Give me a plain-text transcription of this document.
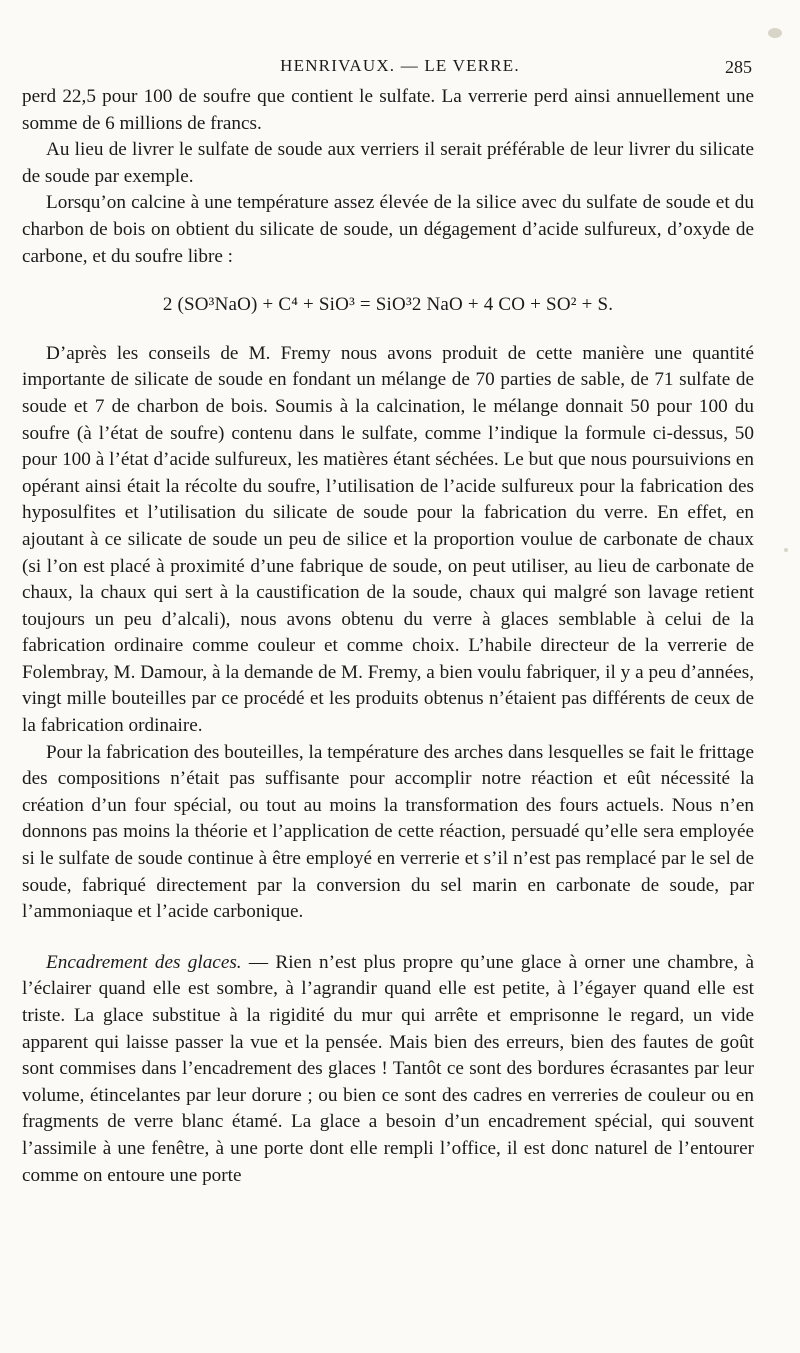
HENRIVAUX. — LE VERRE.	285

perd 22,5 pour 100 de soufre que contient le sulfate. La verrerie perd ainsi annuellement une somme de 6 millions de francs.

Au lieu de livrer le sulfate de soude aux verriers il serait préférable de leur livrer du silicate de soude par exemple.

Lorsqu’on calcine à une température assez élevée de la silice avec du sulfate de soude et du charbon de bois on obtient du silicate de soude, un dégagement d’acide sulfureux, d’oxyde de carbone, et du soufre libre :

2 (SO³NaO) + C⁴ + SiO³ = SiO³2 NaO + 4 CO + SO² + S.

D’après les conseils de M. Fremy nous avons produit de cette manière une quantité importante de silicate de soude en fondant un mélange de 70 parties de sable, de 71 sulfate de soude et 7 de charbon de bois. Soumis à la calcination, le mélange donnait 50 pour 100 du soufre (à l’état de soufre) contenu dans le sulfate, comme l’indique la formule ci-dessus, 50 pour 100 à l’état d’acide sulfureux, les matières étant séchées. Le but que nous poursuivions en opérant ainsi était la récolte du soufre, l’utilisation de l’acide sulfureux pour la fabrication des hyposulfites et l’utilisation du silicate de soude pour la fabrication du verre. En effet, en ajoutant à ce silicate de soude un peu de silice et la proportion voulue de carbonate de chaux (si l’on est placé à proximité d’une fabrique de soude, on peut utiliser, au lieu de carbonate de chaux, la chaux qui sert à la caustification de la soude, chaux qui malgré son lavage retient toujours un peu d’alcali), nous avons obtenu du verre à glaces semblable à celui de la fabrication ordinaire comme couleur et comme choix. L’habile directeur de la verrerie de Folembray, M. Damour, à la demande de M. Fremy, a bien voulu fabriquer, il y a peu d’années, vingt mille bouteilles par ce procédé et les produits obtenus n’étaient pas différents de ceux de la fabrication ordinaire.

Pour la fabrication des bouteilles, la température des arches dans lesquelles se fait le frittage des compositions n’était pas suffisante pour accomplir notre réaction et eût nécessité la création d’un four spécial, ou tout au moins la transformation des fours actuels. Nous n’en donnons pas moins la théorie et l’application de cette réaction, persuadé qu’elle sera employée si le sulfate de soude continue à être employé en verrerie et s’il n’est pas remplacé par le sel de soude, fabriqué directement par la conversion du sel marin en carbonate de soude, par l’ammoniaque et l’acide carbonique.

Encadrement des glaces. — Rien n’est plus propre qu’une glace à orner une chambre, à l’éclairer quand elle est sombre, à l’agrandir quand elle est petite, à l’égayer quand elle est triste. La glace substitue à la rigidité du mur qui arrête et emprisonne le regard, un vide apparent qui laisse passer la vue et la pensée. Mais bien des erreurs, bien des fautes de goût sont commises dans l’encadrement des glaces ! Tantôt ce sont des bordures écrasantes par leur volume, étincelantes par leur dorure ; ou bien ce sont des cadres en verreries de couleur ou en fragments de verre blanc étamé. La glace a besoin d’un encadrement spécial, qui souvent l’assimile à une fenêtre, à une porte dont elle rempli l’office, il est donc naturel de l’entourer comme on entoure une porte
